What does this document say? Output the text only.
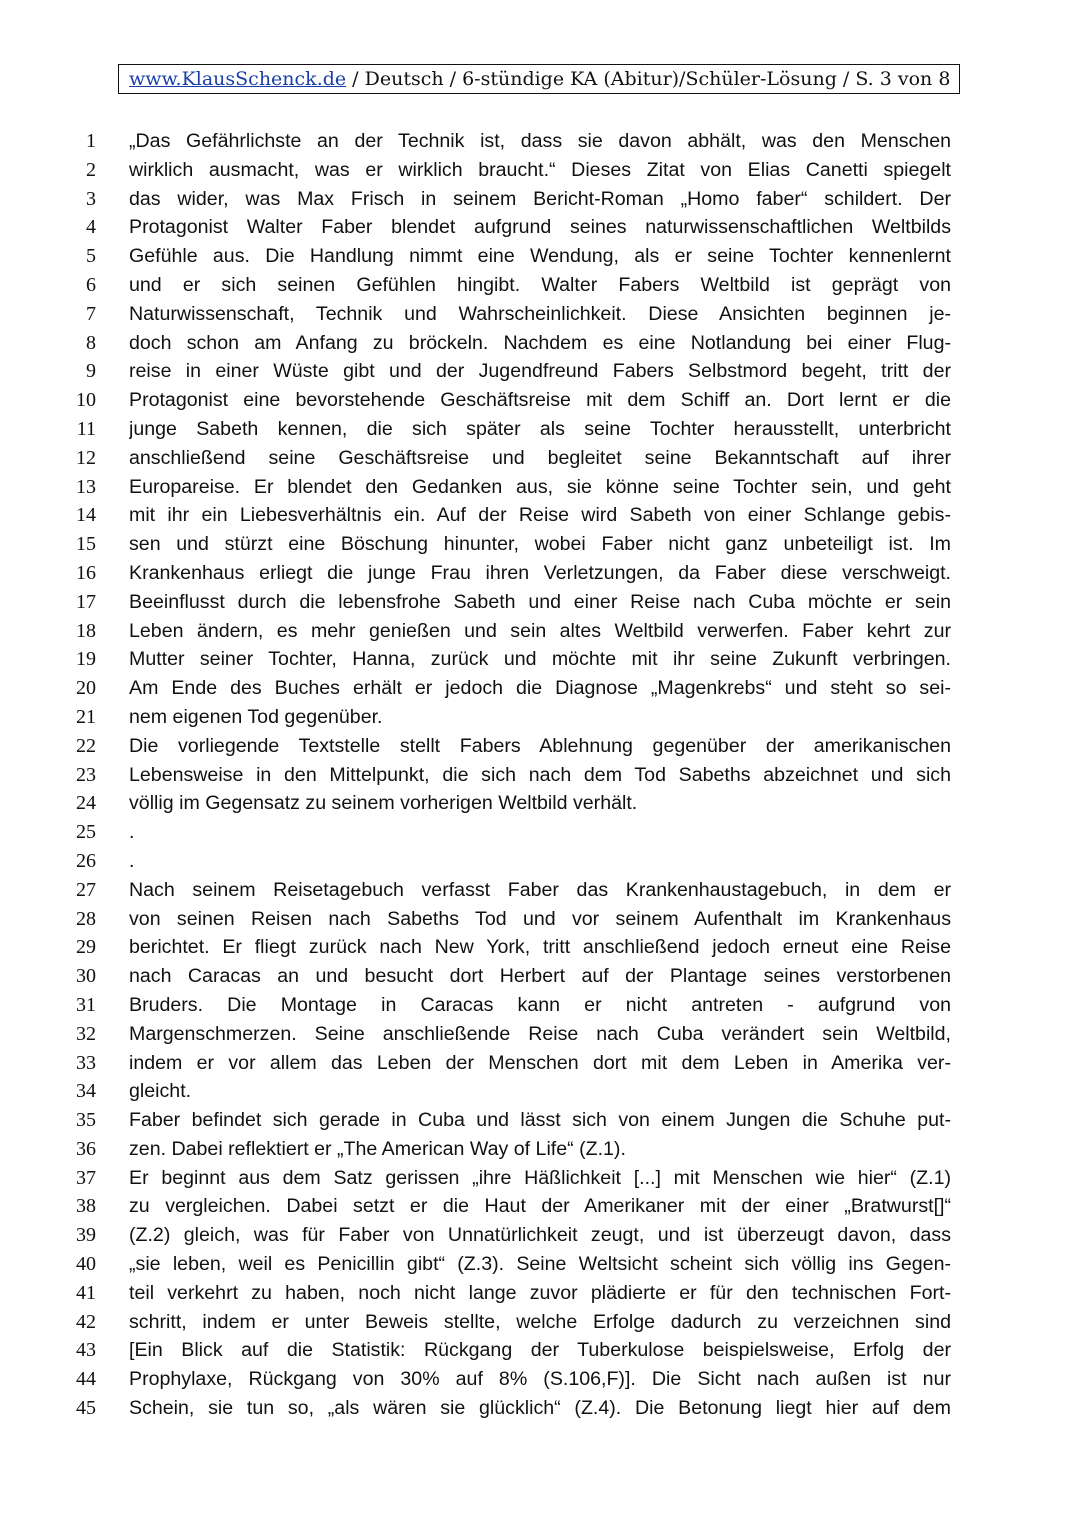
www.KlausSchenck.de / Deutsch / 6-stündige KA (Abitur)/Schüler-Lösung / S. 3 von 8
1 „Das Gefährlichste an der Technik ist, dass sie davon abhält, was den Menschen
2 wirklich ausmacht, was er wirklich braucht.“ Dieses Zitat von Elias Canetti spiegelt
3 das wider, was Max Frisch in seinem Bericht-Roman „Homo faber“ schildert. Der
4 Protagonist Walter Faber blendet aufgrund seines naturwissenschaftlichen Weltbilds
5 Gefühle aus. Die Handlung nimmt eine Wendung, als er seine Tochter kennenlernt
6 und er sich seinen Gefühlen hingibt. Walter Fabers Weltbild ist geprägt von
7 Naturwissenschaft, Technik und Wahrscheinlichkeit. Diese Ansichten beginnen je-
8 doch schon am Anfang zu bröckeln. Nachdem es eine Notlandung bei einer Flug-
9 reise in einer Wüste gibt und der Jugendfreund Fabers Selbstmord begeht, tritt der
10 Protagonist eine bevorstehende Geschäftsreise mit dem Schiff an. Dort lernt er die
11 junge Sabeth kennen, die sich später als seine Tochter herausstellt, unterbricht
12 anschließend seine Geschäftsreise und begleitet seine Bekanntschaft auf ihrer
13 Europareise. Er blendet den Gedanken aus, sie könne seine Tochter sein, und geht
14 mit ihr ein Liebesverhältnis ein. Auf der Reise wird Sabeth von einer Schlange gebis-
15 sen und stürzt eine Böschung hinunter, wobei Faber nicht ganz unbeteiligt ist. Im
16 Krankenhaus erliegt die junge Frau ihren Verletzungen, da Faber diese verschweigt.
17 Beeinflusst durch die lebensfrohe Sabeth und einer Reise nach Cuba möchte er sein
18 Leben ändern, es mehr genießen und sein altes Weltbild verwerfen. Faber kehrt zur
19 Mutter seiner Tochter, Hanna, zurück und möchte mit ihr seine Zukunft verbringen.
20 Am Ende des Buches erhält er jedoch die Diagnose „Magenkrebs“ und steht so sei-
21 nem eigenen Tod gegenüber.
22 Die vorliegende Textstelle stellt Fabers Ablehnung gegenüber der amerikanischen
23 Lebensweise in den Mittelpunkt, die sich nach dem Tod Sabeths abzeichnet und sich
24 völlig im Gegensatz zu seinem vorherigen Weltbild verhält.
25 .
26 .
27 Nach seinem Reisetagebuch verfasst Faber das Krankenhaustagebuch, in dem er
28 von seinen Reisen nach Sabeths Tod und vor seinem Aufenthalt im Krankenhaus
29 berichtet. Er fliegt zurück nach New York, tritt anschließend jedoch erneut eine Reise
30 nach Caracas an und besucht dort Herbert auf der Plantage seines verstorbenen
31 Bruders. Die Montage in Caracas kann er nicht antreten - aufgrund von
32 Margenschmerzen. Seine anschließende Reise nach Cuba verändert sein Weltbild,
33 indem er vor allem das Leben der Menschen dort mit dem Leben in Amerika ver-
34 gleicht.
35 Faber befindet sich gerade in Cuba und lässt sich von einem Jungen die Schuhe put-
36 zen. Dabei reflektiert er „The American Way of Life“ (Z.1).
37 Er beginnt aus dem Satz gerissen „ihre Häßlichkeit [...] mit Menschen wie hier“ (Z.1)
38 zu vergleichen. Dabei setzt er die Haut der Amerikaner mit der einer „Bratwurst[]“
39 (Z.2) gleich, was für Faber von Unnatürlichkeit zeugt, und ist überzeugt davon, dass
40 „sie leben, weil es Penicillin gibt“ (Z.3). Seine Weltsicht scheint sich völlig ins Gegen-
41 teil verkehrt zu haben, noch nicht lange zuvor plädierte er für den technischen Fort-
42 schritt, indem er unter Beweis stellte, welche Erfolge dadurch zu verzeichnen sind
43 [Ein Blick auf die Statistik: Rückgang der Tuberkulose beispielsweise, Erfolg der
44 Prophylaxe, Rückgang von 30% auf 8% (S.106,F)]. Die Sicht nach außen ist nur
45 Schein, sie tun so, „als wären sie glücklich“ (Z.4). Die Betonung liegt hier auf dem
